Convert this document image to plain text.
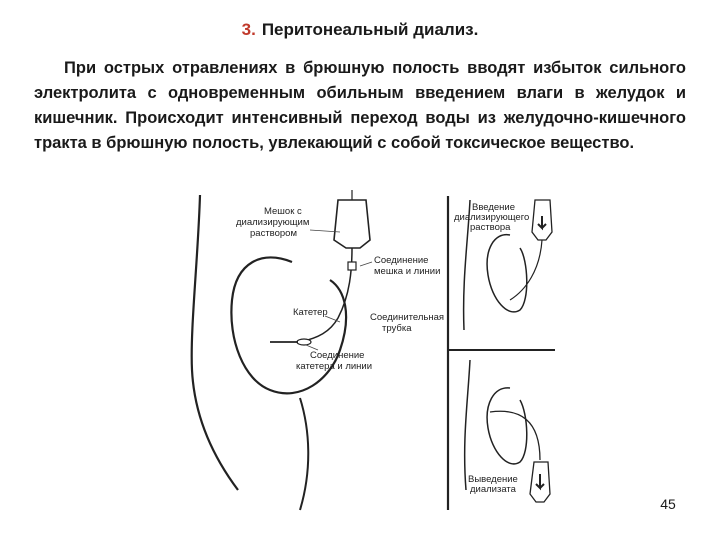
3. Перитонеальный диализ.
При острых отравлениях в брюшную полость вводят избыток сильного электролита с одновременным обильным введением влаги в желудок и кишечник. Происходит интенсивный переход воды из желудочно-кишечного тракта в брюшную полость, увлекающий с собой токсическое вещество.
Мешок с диализирующим раствором
Соединение мешка и линии
Катетер	Соединительная трубка
Соединение катетера и линии
Введение диализирующего раствора
Выведение диализата
45
